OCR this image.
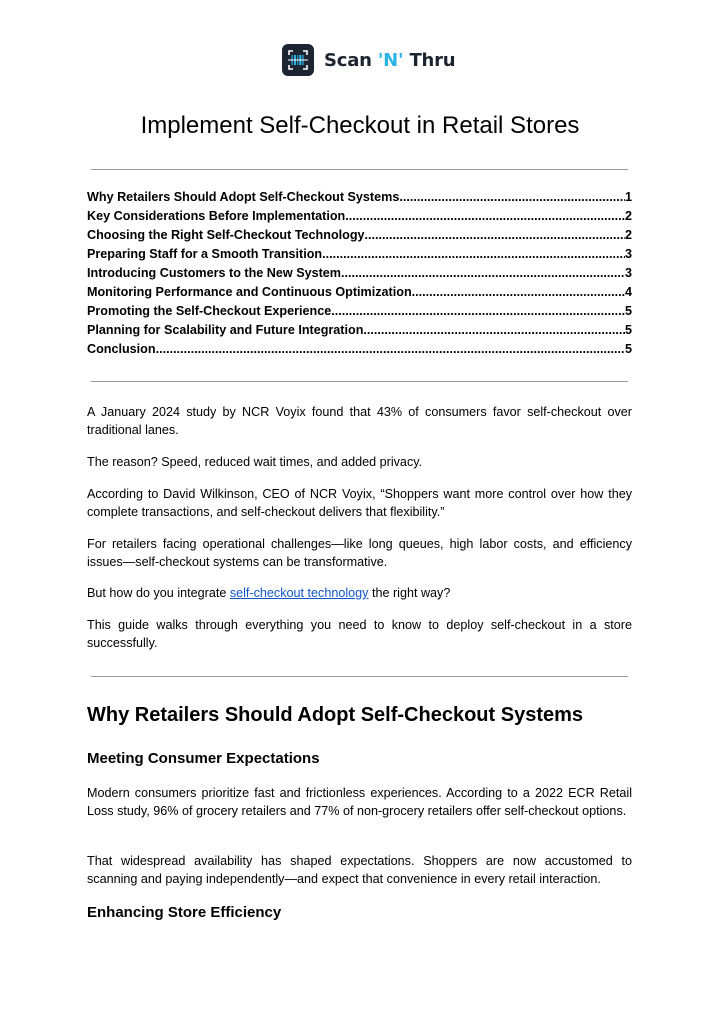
Scan 'N' Thru
Implement Self-Checkout in Retail Stores
Why Retailers Should Adopt Self-Checkout Systems .....	1
Key Considerations Before Implementation .....	2
Choosing the Right Self-Checkout Technology .....	2
Preparing Staff for a Smooth Transition .....	3
Introducing Customers to the New System .....	3
Monitoring Performance and Continuous Optimization .....	4
Promoting the Self-Checkout Experience .....	5
Planning for Scalability and Future Integration .....	5
Conclusion .....	5

A January 2024 study by NCR Voyix found that 43% of consumers favor self-checkout over traditional lanes.

The reason? Speed, reduced wait times, and added privacy.

According to David Wilkinson, CEO of NCR Voyix, “Shoppers want more control over how they complete transactions, and self-checkout delivers that flexibility.”

For retailers facing operational challenges—like long queues, high labor costs, and efficiency issues—self-checkout systems can be transformative.

But how do you integrate self-checkout technology the right way?

This guide walks through everything you need to know to deploy self-checkout in a store successfully.

Why Retailers Should Adopt Self-Checkout Systems
Meeting Consumer Expectations

Modern consumers prioritize fast and frictionless experiences. According to a 2022 ECR Retail Loss study, 96% of grocery retailers and 77% of non-grocery retailers offer self-checkout options.

That widespread availability has shaped expectations. Shoppers are now accustomed to scanning and paying independently—and expect that convenience in every retail interaction.

Enhancing Store Efficiency
